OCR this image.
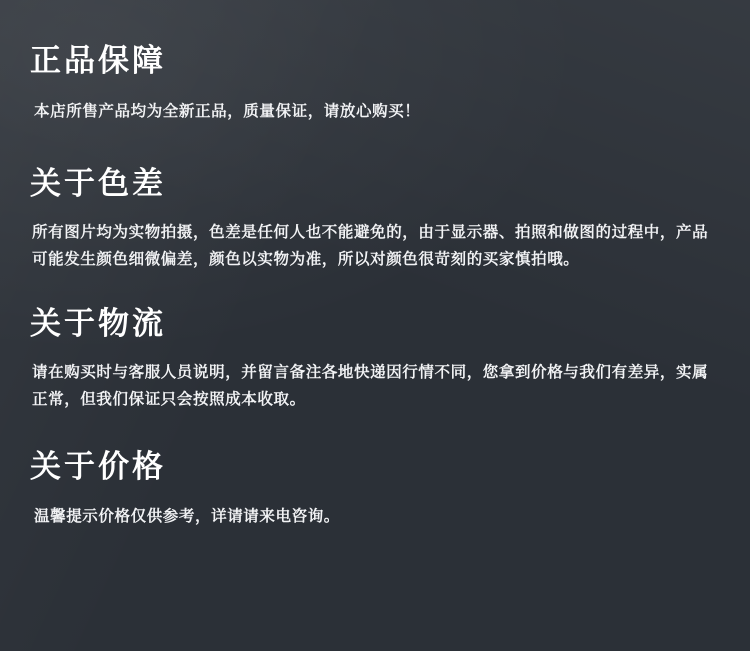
正品保障

本店所售产品均为全新正品，质量保证，请放心购买！

关于色差

所有图片均为实物拍摄，色差是任何人也不能避免的，由于显示器、拍照和做图的过程中，产品可能发生颜色细微偏差，颜色以实物为准，所以对颜色很苛刻的买家慎拍哦。

关于物流

请在购买时与客服人员说明，并留言备注各地快递因行情不同，您拿到价格与我们有差异，实属正常，但我们保证只会按照成本收取。

关于价格

温馨提示价格仅供参考，详请请来电咨询。
